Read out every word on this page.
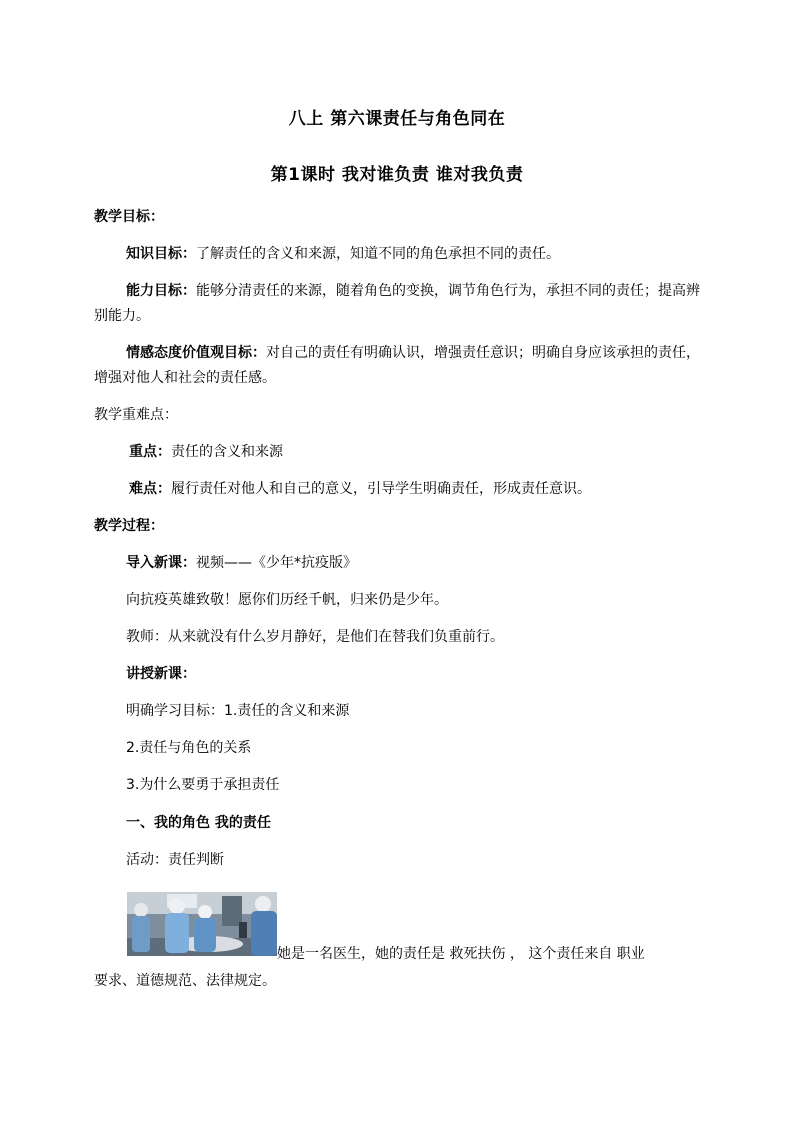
八上 第六课责任与角色同在
第1课时 我对谁负责 谁对我负责
教学目标：
知识目标：了解责任的含义和来源，知道不同的角色承担不同的责任。
能力目标：能够分清责任的来源，随着角色的变换，调节角色行为，承担不同的责任；提高辨
别能力。
情感态度价值观目标：对自己的责任有明确认识，增强责任意识；明确自身应该承担的责任，
增强对他人和社会的责任感。
教学重难点：
重点：责任的含义和来源
难点：履行责任对他人和自己的意义，引导学生明确责任，形成责任意识。
教学过程：
导入新课：视频——《少年*抗疫版》
向抗疫英雄致敬！愿你们历经千帆，归来仍是少年。
教师：从来就没有什么岁月静好，是他们在替我们负重前行。
讲授新课：
明确学习目标：1.责任的含义和来源
2.责任与角色的关系
3.为什么要勇于承担责任
一、我的角色 我的责任
活动：责任判断
她是一名医生，她的责任是 救死扶伤 ， 这个责任来自 职业
要求、道德规范、法律规定。
